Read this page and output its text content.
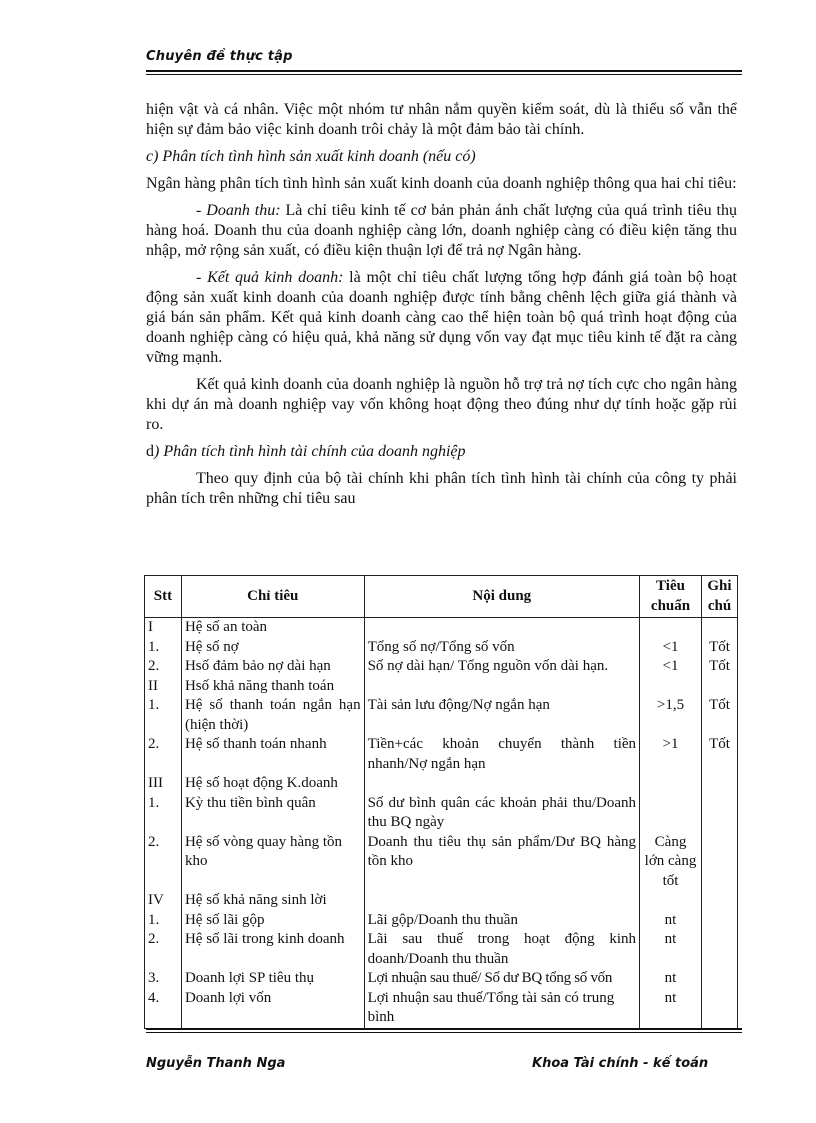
Chuyên đề thực tập

hiện vật và cá nhân. Việc một nhóm tư nhân nắm quyền kiểm soát, dù là thiểu số vẫn thể hiện sự đảm bảo việc kinh doanh trôi chảy là một đảm bảo tài chính.

c) Phân tích tình hình sản xuất kinh doanh (nếu có)

Ngân hàng phân tích tình hình sản xuất kinh doanh của doanh nghiệp thông qua hai chỉ tiêu:

- Doanh thu: Là chỉ tiêu kinh tế cơ bản phản ánh chất lượng của quá trình tiêu thụ hàng hoá. Doanh thu của doanh nghiệp càng lớn, doanh nghiệp càng có điều kiện tăng thu nhập, mở rộng sản xuất, có điều kiện thuận lợi để trả nợ Ngân hàng.

- Kết quả kinh doanh: là một chỉ tiêu chất lượng tổng hợp đánh giá toàn bộ hoạt động sản xuất kinh doanh của doanh nghiệp được tính bằng chênh lệch giữa giá thành và giá bán sản phẩm. Kết quả kinh doanh càng cao thể hiện toàn bộ quá trình hoạt động của doanh nghiệp càng có hiệu quả, khả năng sử dụng vốn vay đạt mục tiêu kinh tế đặt ra càng vững mạnh.

Kết quả kinh doanh của doanh nghiệp là nguồn hỗ trợ trả nợ tích cực cho ngân hàng khi dự án mà doanh nghiệp vay vốn không hoạt động theo đúng như dự tính hoặc gặp rủi ro.

d) Phân tích tình hình tài chính của doanh nghiệp

Theo quy định của bộ tài chính khi phân tích tình hình tài chính của công ty phải phân tích trên những chỉ tiêu sau

Stt	Chỉ tiêu	Nội dung	Tiêu chuẩn	Ghi chú
I	Hệ số an toàn			
1.	Hệ số nợ	Tổng số nợ/Tổng số vốn	<1	Tốt
2.	Hsố đảm bảo nợ dài hạn	Số nợ dài hạn/ Tổng nguồn vốn dài hạn.	<1	Tốt
II	Hsố khả năng thanh toán			
1.	Hệ số thanh toán ngắn hạn (hiện thời)	Tài sản lưu động/Nợ ngắn hạn	>1,5	Tốt
2.	Hệ số thanh toán nhanh	Tiền+các khoản chuyển thành tiền nhanh/Nợ ngắn hạn	>1	Tốt
III	Hệ số hoạt động K.doanh			
1.	Kỳ thu tiền bình quân	Số dư bình quân các khoản phải thu/Doanh thu BQ ngày		
2.	Hệ số vòng quay hàng tồn kho	Doanh thu tiêu thụ sản phẩm/Dư BQ hàng tồn kho	Càng lớn càng tốt	
IV	Hệ số khả năng sinh lời			
1.	Hệ số lãi gộp	Lãi gộp/Doanh thu thuần	nt	
2.	Hệ số lãi trong kinh doanh	Lãi sau thuế trong hoạt động kinh doanh/Doanh thu thuần	nt	
3.	Doanh lợi SP tiêu thụ	Lợi nhuận sau thuế/ Số dư BQ tổng số vốn	nt	
4.	Doanh lợi vốn	Lợi nhuận sau thuế/Tổng tài sản có trung bình	nt	
Nguyễn Thanh Nga	Khoa Tài chính - kế toán
